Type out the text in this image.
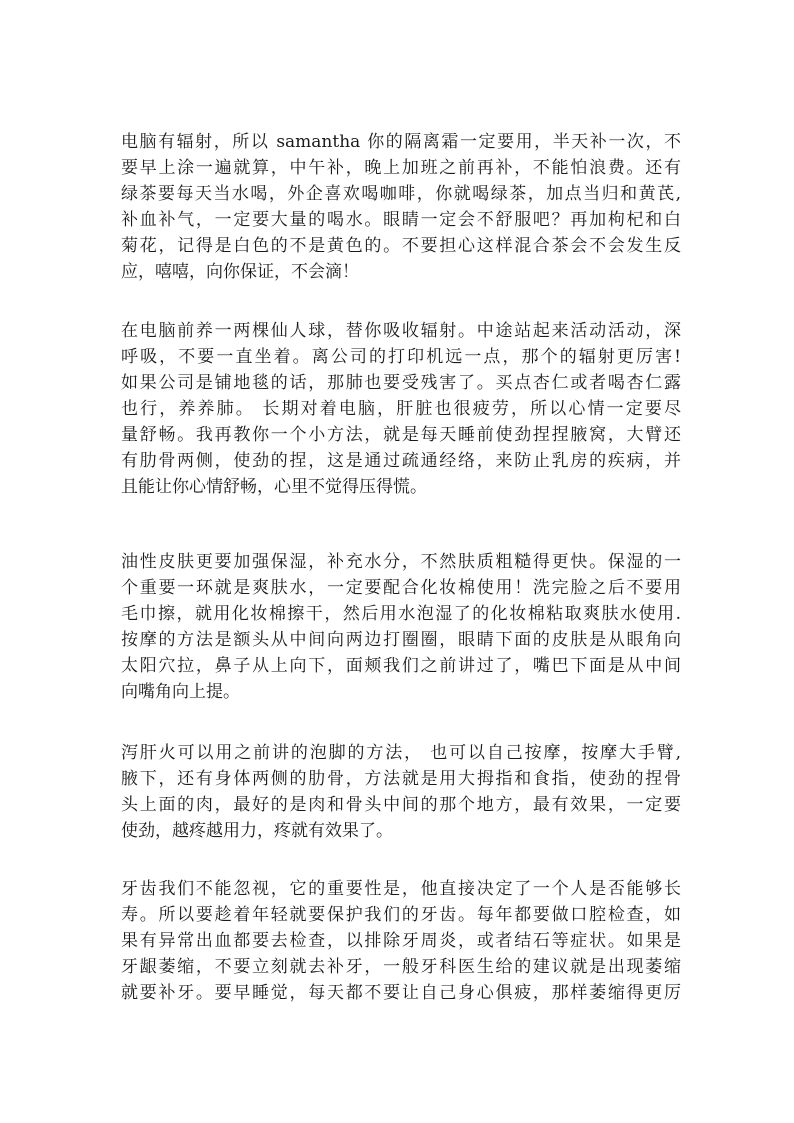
电脑有辐射，所以 samantha 你的隔离霜一定要用，半天补一次，不
要早上涂一遍就算，中午补，晚上加班之前再补，不能怕浪费。还有
绿茶要每天当水喝，外企喜欢喝咖啡，你就喝绿茶，加点当归和黄芪,
补血补气，一定要大量的喝水。眼睛一定会不舒服吧？再加枸杞和白
菊花，记得是白色的不是黄色的。不要担心这样混合茶会不会发生反
应，嘻嘻，向你保证，不会滴！

在电脑前养一两棵仙人球，替你吸收辐射。中途站起来活动活动，深
呼吸，不要一直坐着。离公司的打印机远一点，那个的辐射更厉害!
如果公司是铺地毯的话，那肺也要受残害了。买点杏仁或者喝杏仁露
也行，养养肺。 长期对着电脑，肝脏也很疲劳，所以心情一定要尽
量舒畅。我再教你一个小方法，就是每天睡前使劲捏捏腋窝，大臂还
有肋骨两侧，使劲的捏，这是通过疏通经络，来防止乳房的疾病，并
且能让你心情舒畅，心里不觉得压得慌。

油性皮肤更要加强保湿，补充水分，不然肤质粗糙得更快。保湿的一
个重要一环就是爽肤水，一定要配合化妆棉使用！洗完脸之后不要用
毛巾擦，就用化妆棉擦干，然后用水泡湿了的化妆棉粘取爽肤水使用.
按摩的方法是额头从中间向两边打圈圈，眼睛下面的皮肤是从眼角向
太阳穴拉，鼻子从上向下，面颊我们之前讲过了，嘴巴下面是从中间
向嘴角向上提。

泻肝火可以用之前讲的泡脚的方法， 也可以自己按摩，按摩大手臂,
腋下，还有身体两侧的肋骨，方法就是用大拇指和食指，使劲的捏骨
头上面的肉，最好的是肉和骨头中间的那个地方，最有效果，一定要
使劲，越疼越用力，疼就有效果了。

牙齿我们不能忽视，它的重要性是，他直接决定了一个人是否能够长
寿。所以要趁着年轻就要保护我们的牙齿。每年都要做口腔检查，如
果有异常出血都要去检查，以排除牙周炎，或者结石等症状。如果是
牙龈萎缩，不要立刻就去补牙，一般牙科医生给的建议就是出现萎缩
就要补牙。要早睡觉，每天都不要让自己身心俱疲，那样萎缩得更厉
